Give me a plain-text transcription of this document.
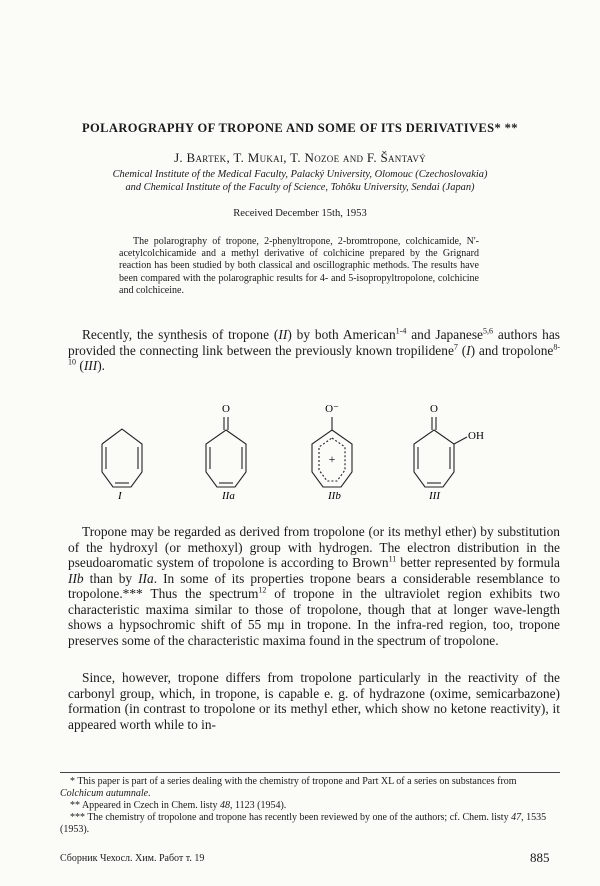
POLAROGRAPHY OF TROPONE AND SOME OF ITS DERIVATIVES* **
J. Bartek, T. Mukai, T. Nozoe and F. Šantavý
Chemical Institute of the Medical Faculty, Palacký University, Olomouc (Czechoslovakia)
and Chemical Institute of the Faculty of Science, Tohôku University, Sendai (Japan)
Received December 15th, 1953
The polarography of tropone, 2-phenyltropone, 2-bromtropone, colchicamide, N'-acetylcolchicamide and a methyl derivative of colchicine prepared by the Grignard reaction has been studied by both classical and oscillographic methods. The results have been compared with the polarographic results for 4- and 5-isopropyltropolone, colchicine and colchiceine.
Recently, the synthesis of tropone (II) by both American$^{1-4}$ and Japanese$^{5,6}$ authors has provided the connecting link between the previously known tropilidene$^7$ (I) and tropolone$^{8-10}$ (III).
O	O⁻
+
O
OH
I	IIa	IIb	III
Tropone may be regarded as derived from tropolone (or its methyl ether) by substitution of the hydroxyl (or methoxyl) group with hydrogen. The electron distribution in the pseudoaromatic system of tropolone is according to Brown$^{11}$ better represented by formula IIb than by IIa. In some of its properties tropone bears a considerable resemblance to tropolone.*** Thus the spectrum$^{12}$ of tropone in the ultraviolet region exhibits two characteristic maxima similar to those of tropolone, though that at longer wave-length shows a hypsochromic shift of 55 mμ in tropone. In the infra-red region, too, tropone preserves some of the characteristic maxima found in the spectrum of tropolone.
Since, however, tropone differs from tropolone particularly in the reactivity of the carbonyl group, which, in tropone, is capable e. g. of hydrazone (oxime, semicarbazone) formation (in contrast to tropolone or its methyl ether, which show no ketone reactivity), it appeared worth while to in-
* This paper is part of a series dealing with the chemistry of tropone and Part XL of a series on substances from Colchicum autumnale.
** Appeared in Czech in Chem. listy 48, 1123 (1954).
*** The chemistry of tropolone and tropone has recently been reviewed by one of the authors; cf. Chem. listy 47, 1535 (1953).
Сборник Чехосл. Хим. Работ т. 19	885
